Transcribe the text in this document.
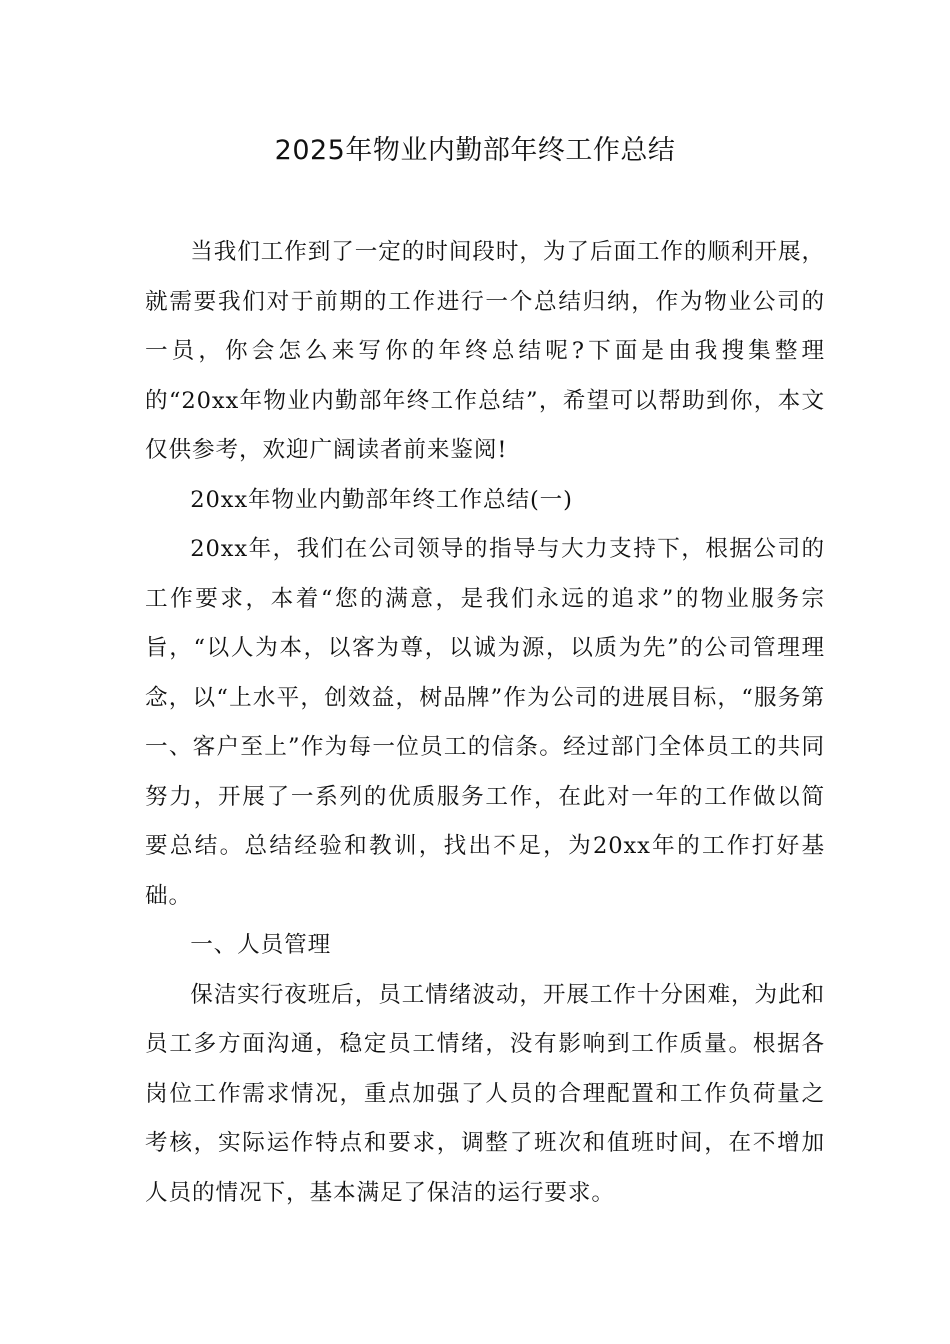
2025年物业内勤部年终工作总结

当我们工作到了一定的时间段时，为了后面工作的顺利开展，就需要我们对于前期的工作进行一个总结归纳，作为物业公司的一员，你会怎么来写你的年终总结呢?下面是由我搜集整理的“20xx年物业内勤部年终工作总结”，希望可以帮助到你，本文仅供参考，欢迎广阔读者前来鉴阅!

20xx年物业内勤部年终工作总结(一)

20xx年，我们在公司领导的指导与大力支持下，根据公司的工作要求，本着“您的满意，是我们永远的追求”的物业服务宗旨，“以人为本，以客为尊，以诚为源，以质为先”的公司管理理念，以“上水平，创效益，树品牌”作为公司的进展目标，“服务第一、客户至上”作为每一位员工的信条。经过部门全体员工的共同努力，开展了一系列的优质服务工作，在此对一年的工作做以简要总结。总结经验和教训，找出不足，为20xx年的工作打好基础。

一、人员管理

保洁实行夜班后，员工情绪波动，开展工作十分困难，为此和员工多方面沟通，稳定员工情绪，没有影响到工作质量。根据各岗位工作需求情况，重点加强了人员的合理配置和工作负荷量之考核，实际运作特点和要求，调整了班次和值班时间，在不增加人员的情况下，基本满足了保洁的运行要求。
